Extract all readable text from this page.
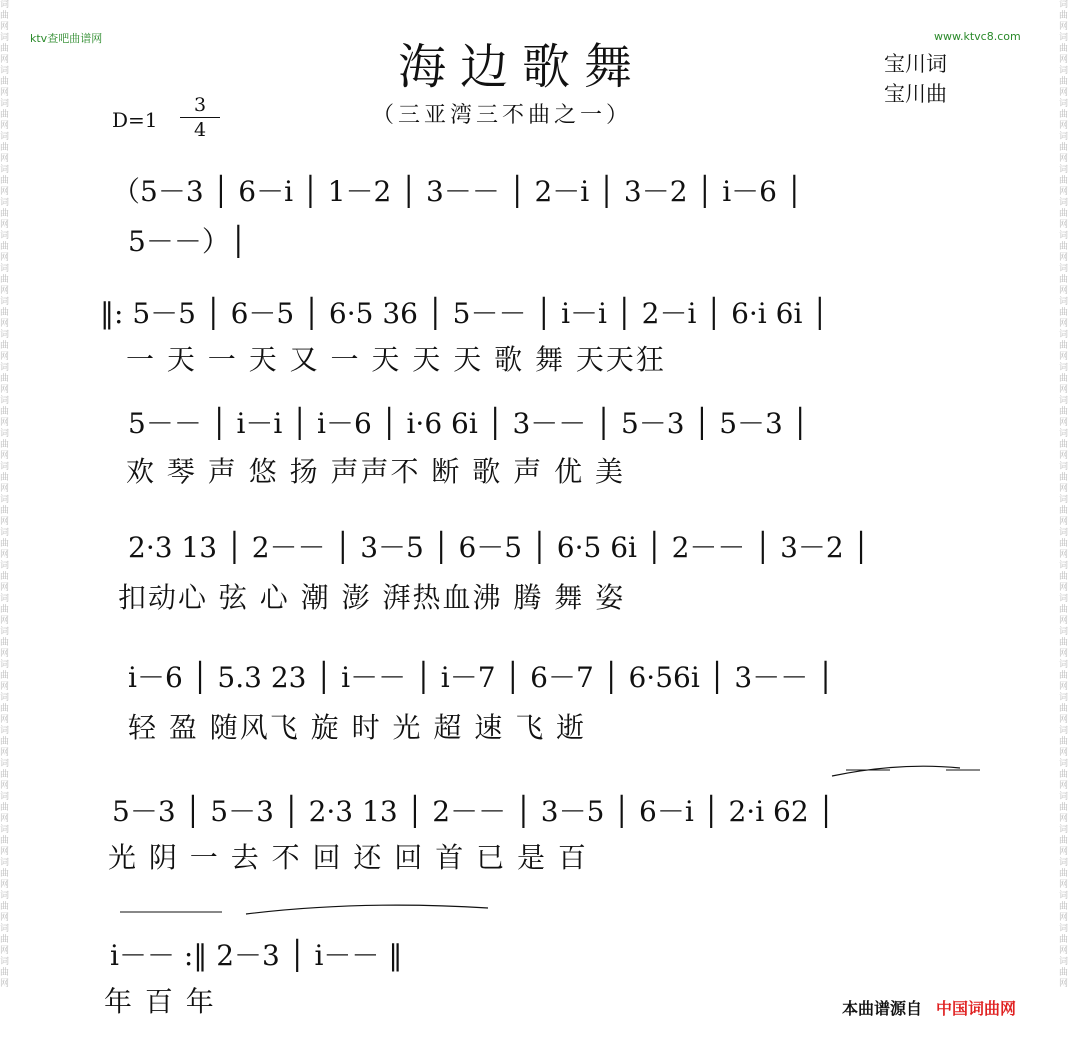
词曲网词曲网词曲网词曲网词曲网词曲网词曲网词曲网词曲网词曲网词曲网词曲网词曲网词曲网词曲网词曲网词曲网词曲网词曲网词曲网词曲网词曲网词曲网词曲网词曲网词曲网词曲网词曲网词曲网词曲网
词曲网词曲网词曲网词曲网词曲网词曲网词曲网词曲网词曲网词曲网词曲网词曲网词曲网词曲网词曲网词曲网词曲网词曲网词曲网词曲网词曲网词曲网词曲网词曲网词曲网词曲网词曲网词曲网词曲网词曲网
ktv查吧曲谱网	www.ktvc8.com
海边歌舞
（三亚湾三不曲之一）
宝川词
宝川曲
D=1
3
4
（5－3 │ 6－i │ 1－2 │ 3－－ │ 2－i │ 3－2 │ i－6 │
5－－）│
‖: 5－5 │ 6－5 │ 6·5 36 │ 5－－ │ i－i │ 2－i │ 6·i 6i │
一 天 一 天 又 一 天 天 天 歌 舞 天天狂
5－－ │ i－i │ i－6 │ i·6 6i │ 3－－ │ 5－3 │ 5－3 │
欢 琴 声 悠 扬 声声不 断 歌 声 优 美
2·3 13 │ 2－－ │ 3－5 │ 6－5 │ 6·5 6i │ 2－－ │ 3－2 │
扣动心 弦 心 潮 澎 湃热血沸 腾 舞 姿
i－6 │ 5.3 23 │ i－－ │ i－7 │ 6－7 │ 6·56i │ 3－－ │
轻 盈 随风飞 旋 时 光 超 速 飞 逝
5－3 │ 5－3 │ 2·3 13 │ 2－－ │ 3－5 │ 6－i │ 2·i 62 │
光 阴 一 去 不 回 还 回 首 已 是 百
i－－ :‖ 2－3 │ i－－ ‖
年 百 年	本曲谱源自 中国词曲网
